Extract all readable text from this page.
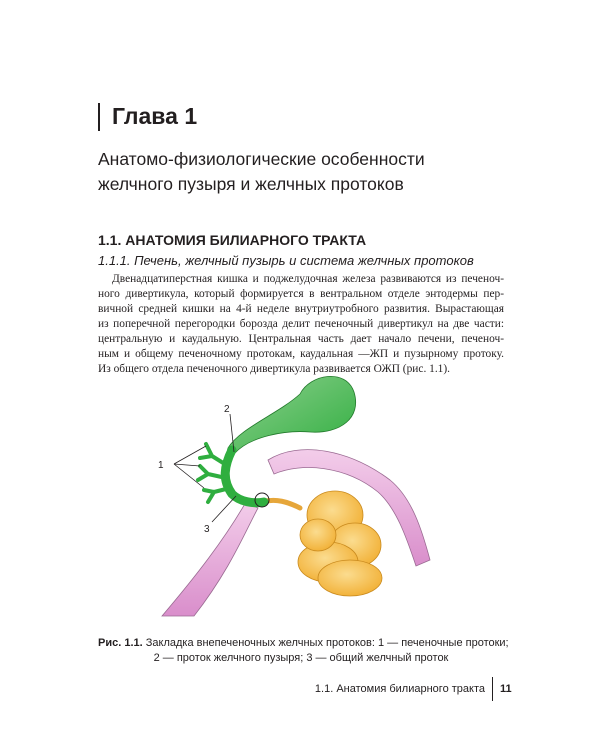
Глава 1
Анатомо-физиологические особенности
желчного пузыря и желчных протоков
1.1. АНАТОМИЯ БИЛИАРНОГО ТРАКТА
1.1.1. Печень, желчный пузырь и система желчных протоков
Двенадцатиперстная кишка и поджелудочная железа развиваются из печеноч-
ного дивертикула, который формируется в вентральном отделе энтодермы пер-
вичной средней кишки на 4-й неделе внутриутробного развития. Вырастающая
из поперечной перегородки борозда делит печеночный дивертикул на две части:
центральную и каудальную. Центральная часть дает начало печени, печеноч-
ным и общему печеночному протокам, каудальная —ЖП и пузырному протоку.
Из общего отдела печеночного дивертикула развивается ОЖП (рис. 1.1).
1
2
3
Рис. 1.1. Закладка внепеченочных желчных протоков: 1 — печеночные протоки;
2 — проток желчного пузыря; 3 — общий желчный проток
1.1. Анатомия билиарного тракта 11
